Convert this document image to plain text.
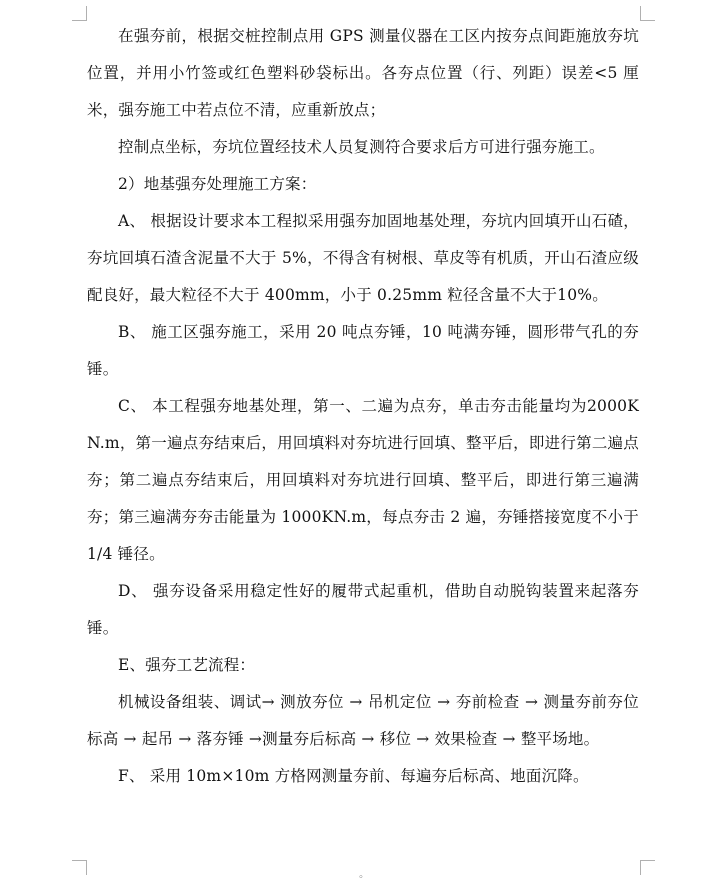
在强夯前，根据交桩控制点用 GPS 测量仪器在工区内按夯点间距施放夯坑位置，并用小竹签或红色塑料砂袋标出。各夯点位置（行、列距）误差<5 厘米，强夯施工中若点位不清，应重新放点；

控制点坐标，夯坑位置经技术人员复测符合要求后方可进行强夯施工。

2）地基强夯处理施工方案：

A、 根据设计要求本工程拟采用强夯加固地基处理，夯坑内回填开山石碴，夯坑回填石渣含泥量不大于 5%，不得含有树根、草皮等有机质，开山石渣应级配良好，最大粒径不大于 400mm，小于 0.25mm 粒径含量不大于10%。

B、 施工区强夯施工，采用 20 吨点夯锤，10 吨满夯锤，圆形带气孔的夯锤。

C、 本工程强夯地基处理，第一、二遍为点夯，单击夯击能量均为2000KN.m，第一遍点夯结束后，用回填料对夯坑进行回填、整平后，即进行第二遍点夯；第二遍点夯结束后，用回填料对夯坑进行回填、整平后，即进行第三遍满夯；第三遍满夯夯击能量为 1000KN.m，每点夯击 2 遍，夯锤搭接宽度不小于 1/4 锤径。

D、 强夯设备采用稳定性好的履带式起重机，借助自动脱钩装置来起落夯锤。

E、强夯工艺流程：

机械设备组装、调试→ 测放夯位 → 吊机定位 → 夯前检查 → 测量夯前夯位标高 → 起吊 → 落夯锤 →测量夯后标高 → 移位 → 效果检查 → 整平场地。

F、 采用 10m×10m 方格网测量夯前、每遍夯后标高、地面沉降。

◦
